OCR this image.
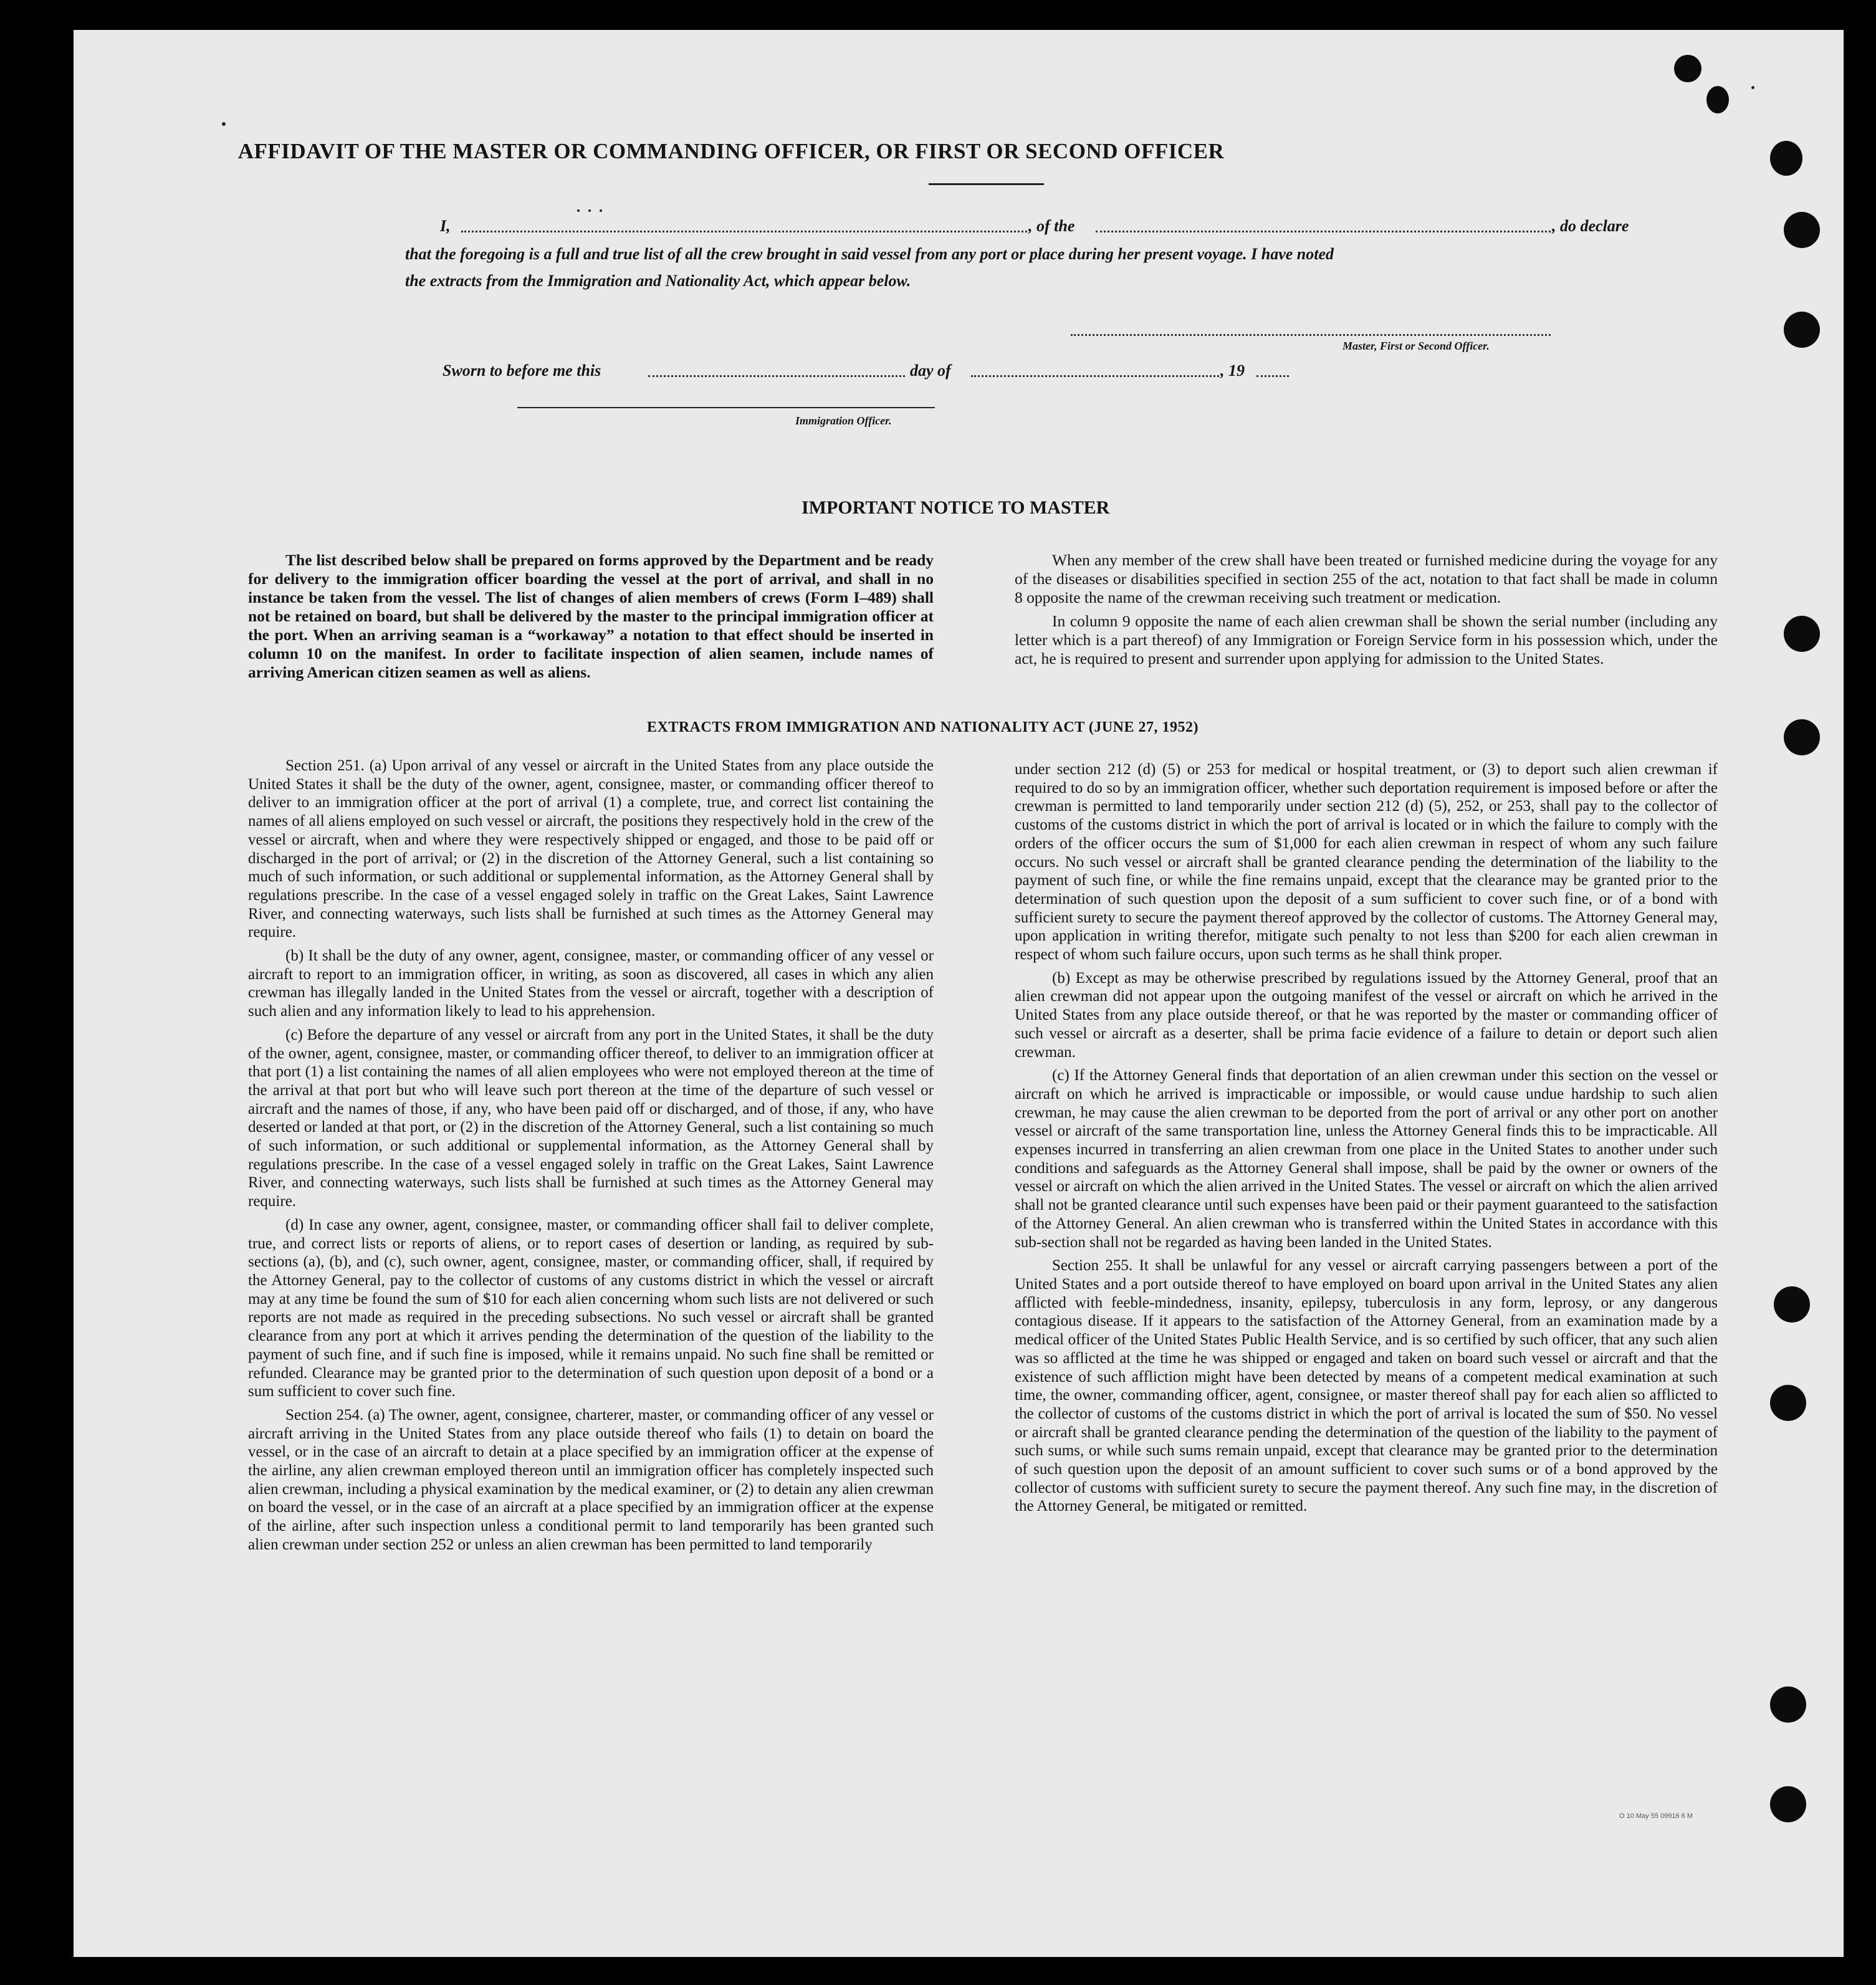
AFFIDAVIT OF THE MASTER OR COMMANDING OFFICER, OR FIRST OR SECOND OFFICER
I,	, of the	, do declare
that the foregoing is a full and true list of all the crew brought in said vessel from any port or place during her present voyage. I have noted
the extracts from the Immigration and Nationality Act, which appear below.
Master, First or Second Officer.
Sworn to before me this	day of	, 19
Immigration Officer.
IMPORTANT NOTICE TO MASTER

The list described below shall be prepared on forms approved by the Department and be ready for delivery to the immigration officer boarding the vessel at the port of arrival, and shall in no instance be taken from the vessel. The list of changes of alien members of crews (Form I–489) shall not be retained on board, but shall be delivered by the master to the principal immigration officer at the port. When an arriving seaman is a “workaway” a notation to that effect should be inserted in column 10 on the manifest. In order to facilitate inspection of alien seamen, include names of arriving American citizen seamen as well as aliens.

When any member of the crew shall have been treated or furnished medicine during the voyage for any of the diseases or disabilities specified in section 255 of the act, notation to that fact shall be made in column 8 opposite the name of the crewman receiving such treatment or medication.

In column 9 opposite the name of each alien crewman shall be shown the serial number (including any letter which is a part thereof) of any Immigration or Foreign Service form in his possession which, under the act, he is required to present and surrender upon applying for admission to the United States.

EXTRACTS FROM IMMIGRATION AND NATIONALITY ACT (JUNE 27, 1952)

Section 251. (a) Upon arrival of any vessel or aircraft in the United States from any place outside the United States it shall be the duty of the owner, agent, consignee, master, or commanding officer thereof to deliver to an immigration officer at the port of arrival (1) a complete, true, and correct list containing the names of all aliens employed on such vessel or aircraft, the positions they respectively hold in the crew of the vessel or aircraft, when and where they were respectively shipped or engaged, and those to be paid off or discharged in the port of arrival; or (2) in the discretion of the Attorney General, such a list containing so much of such information, or such additional or supplemental information, as the Attorney General shall by regulations prescribe. In the case of a vessel engaged solely in traffic on the Great Lakes, Saint Lawrence River, and connecting waterways, such lists shall be furnished at such times as the Attorney General may require.

(b) It shall be the duty of any owner, agent, consignee, master, or commanding officer of any vessel or aircraft to report to an immigration officer, in writing, as soon as discovered, all cases in which any alien crewman has illegally landed in the United States from the vessel or aircraft, together with a description of such alien and any information likely to lead to his apprehension.

(c) Before the departure of any vessel or aircraft from any port in the United States, it shall be the duty of the owner, agent, consignee, master, or commanding officer thereof, to deliver to an immigration officer at that port (1) a list containing the names of all alien employees who were not employed thereon at the time of the arrival at that port but who will leave such port thereon at the time of the departure of such vessel or aircraft and the names of those, if any, who have been paid off or discharged, and of those, if any, who have deserted or landed at that port, or (2) in the discretion of the Attorney General, such a list containing so much of such information, or such additional or supplemental information, as the Attorney General shall by regulations prescribe. In the case of a vessel engaged solely in traffic on the Great Lakes, Saint Lawrence River, and connecting waterways, such lists shall be furnished at such times as the Attorney General may require.

(d) In case any owner, agent, consignee, master, or commanding officer shall fail to deliver complete, true, and correct lists or reports of aliens, or to report cases of desertion or landing, as required by sub-sections (a), (b), and (c), such owner, agent, consignee, master, or commanding officer, shall, if required by the Attorney General, pay to the collector of customs of any customs district in which the vessel or aircraft may at any time be found the sum of $10 for each alien concerning whom such lists are not delivered or such reports are not made as required in the preceding subsections. No such vessel or aircraft shall be granted clearance from any port at which it arrives pending the determination of the question of the liability to the payment of such fine, and if such fine is imposed, while it remains unpaid. No such fine shall be remitted or refunded. Clearance may be granted prior to the determination of such question upon deposit of a bond or a sum sufficient to cover such fine.

Section 254. (a) The owner, agent, consignee, charterer, master, or commanding officer of any vessel or aircraft arriving in the United States from any place outside thereof who fails (1) to detain on board the vessel, or in the case of an aircraft to detain at a place specified by an immigration officer at the expense of the airline, any alien crewman employed thereon until an immigration officer has completely inspected such alien crewman, including a physical examination by the medical examiner, or (2) to detain any alien crewman on board the vessel, or in the case of an aircraft at a place specified by an immigration officer at the expense of the airline, after such inspection unless a conditional permit to land temporarily has been granted such alien crewman under section 252 or unless an alien crewman has been permitted to land temporarily

under section 212 (d) (5) or 253 for medical or hospital treatment, or (3) to deport such alien crewman if required to do so by an immigration officer, whether such deportation requirement is imposed before or after the crewman is permitted to land temporarily under section 212 (d) (5), 252, or 253, shall pay to the collector of customs of the customs district in which the port of arrival is located or in which the failure to comply with the orders of the officer occurs the sum of $1,000 for each alien crewman in respect of whom any such failure occurs. No such vessel or aircraft shall be granted clearance pending the determination of the liability to the payment of such fine, or while the fine remains unpaid, except that the clearance may be granted prior to the determination of such question upon the deposit of a sum sufficient to cover such fine, or of a bond with sufficient surety to secure the payment thereof approved by the collector of customs. The Attorney General may, upon application in writing therefor, mitigate such penalty to not less than $200 for each alien crewman in respect of whom such failure occurs, upon such terms as he shall think proper.

(b) Except as may be otherwise prescribed by regulations issued by the Attorney General, proof that an alien crewman did not appear upon the outgoing manifest of the vessel or aircraft on which he arrived in the United States from any place outside thereof, or that he was reported by the master or commanding officer of such vessel or aircraft as a deserter, shall be prima facie evidence of a failure to detain or deport such alien crewman.

(c) If the Attorney General finds that deportation of an alien crewman under this section on the vessel or aircraft on which he arrived is impracticable or impossible, or would cause undue hardship to such alien crewman, he may cause the alien crewman to be deported from the port of arrival or any other port on another vessel or aircraft of the same transportation line, unless the Attorney General finds this to be impracticable. All expenses incurred in transferring an alien crewman from one place in the United States to another under such conditions and safeguards as the Attorney General shall impose, shall be paid by the owner or owners of the vessel or aircraft on which the alien arrived in the United States. The vessel or aircraft on which the alien arrived shall not be granted clearance until such expenses have been paid or their payment guaranteed to the satisfaction of the Attorney General. An alien crewman who is transferred within the United States in accordance with this sub-section shall not be regarded as having been landed in the United States.

Section 255. It shall be unlawful for any vessel or aircraft carrying passengers between a port of the United States and a port outside thereof to have employed on board upon arrival in the United States any alien afflicted with feeble-mindedness, insanity, epilepsy, tuberculosis in any form, leprosy, or any dangerous contagious disease. If it appears to the satisfaction of the Attorney General, from an examination made by a medical officer of the United States Public Health Service, and is so certified by such officer, that any such alien was so afflicted at the time he was shipped or engaged and taken on board such vessel or aircraft and that the existence of such affliction might have been detected by means of a competent medical examination at such time, the owner, commanding officer, agent, consignee, or master thereof shall pay for each alien so afflicted to the collector of customs of the customs district in which the port of arrival is located the sum of $50. No vessel or aircraft shall be granted clearance pending the determination of the question of the liability to the payment of such sums, or while such sums remain unpaid, except that clearance may be granted prior to the determination of such question upon the deposit of an amount sufficient to cover such sums or of a bond approved by the collector of customs with sufficient surety to secure the payment thereof. Any such fine may, in the discretion of the Attorney General, be mitigated or remitted.

O 10 May 55 09916 6 M
